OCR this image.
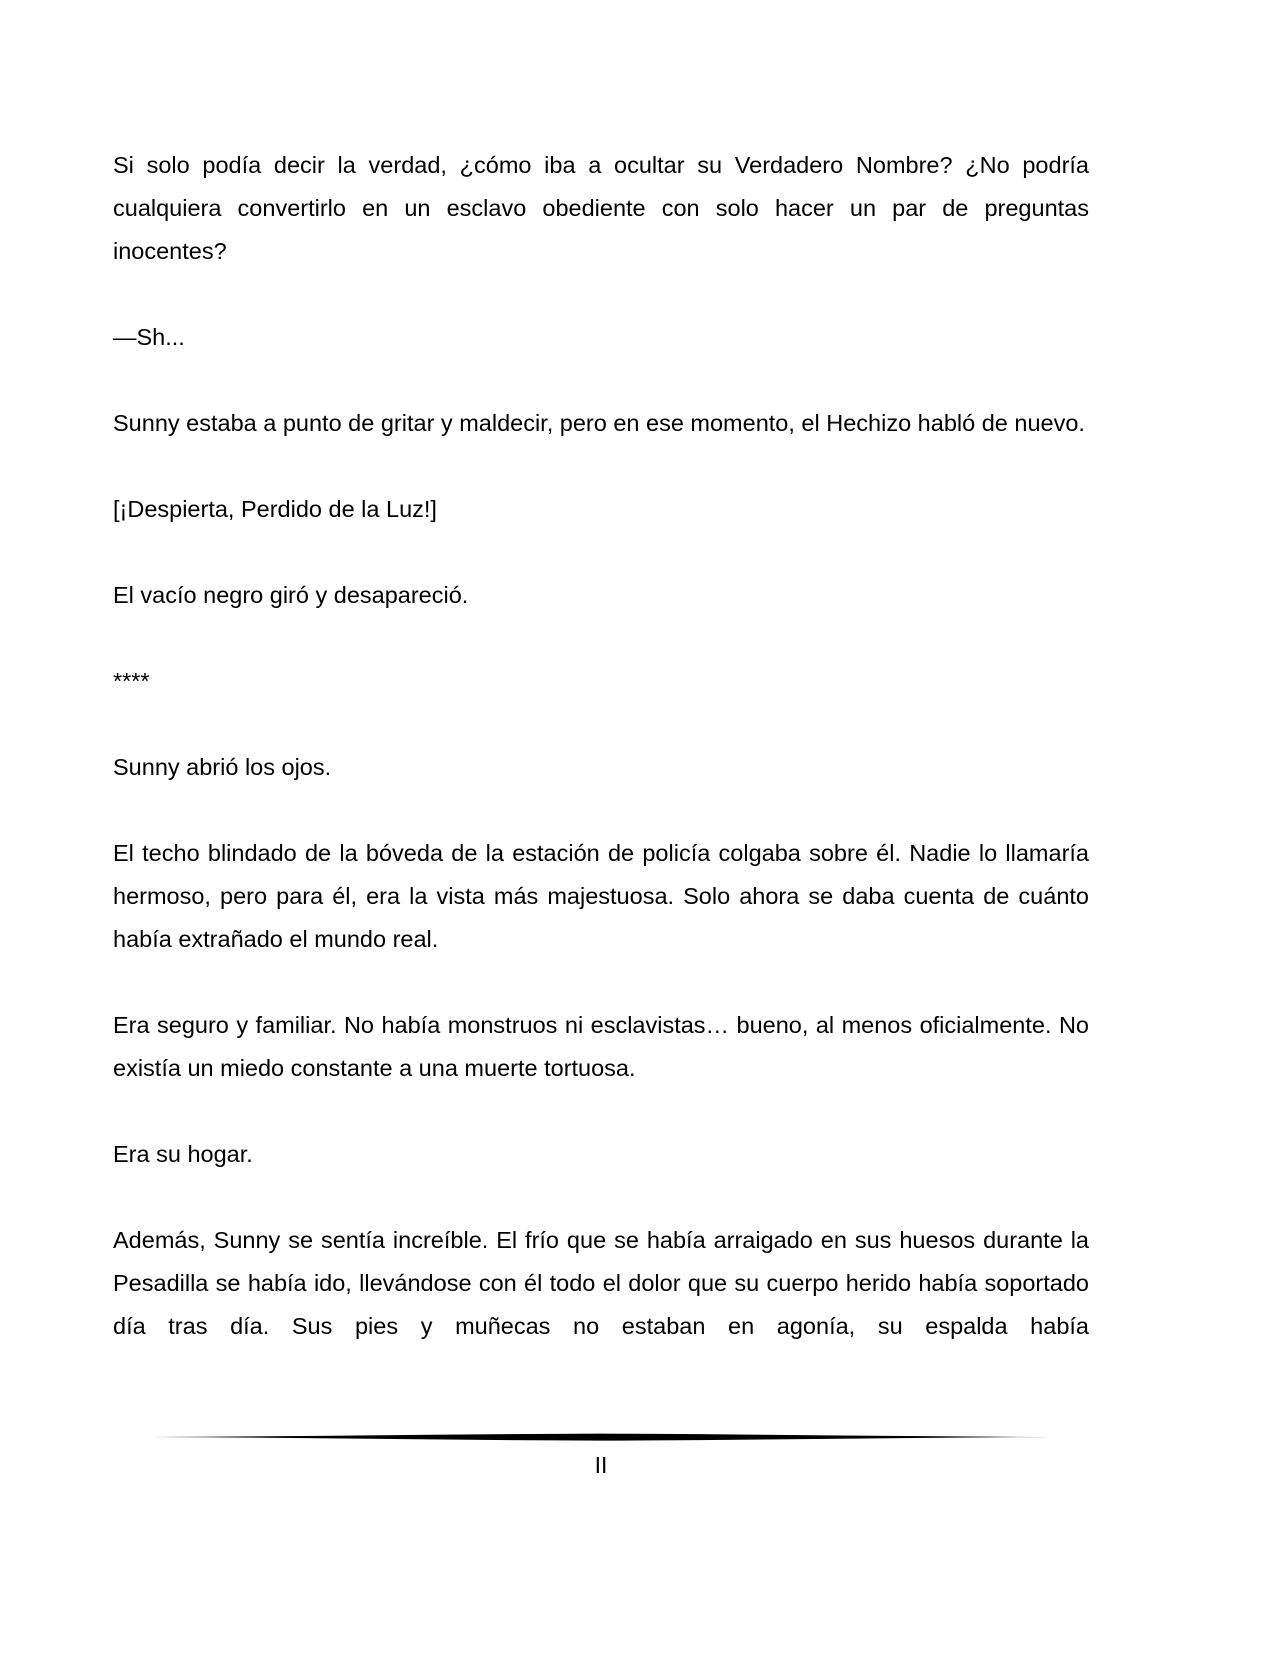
Si solo podía decir la verdad, ¿cómo iba a ocultar su Verdadero Nombre? ¿No podría cualquiera convertirlo en un esclavo obediente con solo hacer un par de preguntas inocentes?

—Sh...

Sunny estaba a punto de gritar y maldecir, pero en ese momento, el Hechizo habló de nuevo.

[¡Despierta, Perdido de la Luz!]

El vacío negro giró y desapareció.

****

Sunny abrió los ojos.

El techo blindado de la bóveda de la estación de policía colgaba sobre él. Nadie lo llamaría hermoso, pero para él, era la vista más majestuosa. Solo ahora se daba cuenta de cuánto había extrañado el mundo real.

Era seguro y familiar. No había monstruos ni esclavistas… bueno, al menos oficialmente. No existía un miedo constante a una muerte tortuosa.

Era su hogar.

Además, Sunny se sentía increíble. El frío que se había arraigado en sus huesos durante la Pesadilla se había ido, llevándose con él todo el dolor que su cuerpo herido había soportado día tras día. Sus pies y muñecas no estaban en agonía, su espalda había

II
